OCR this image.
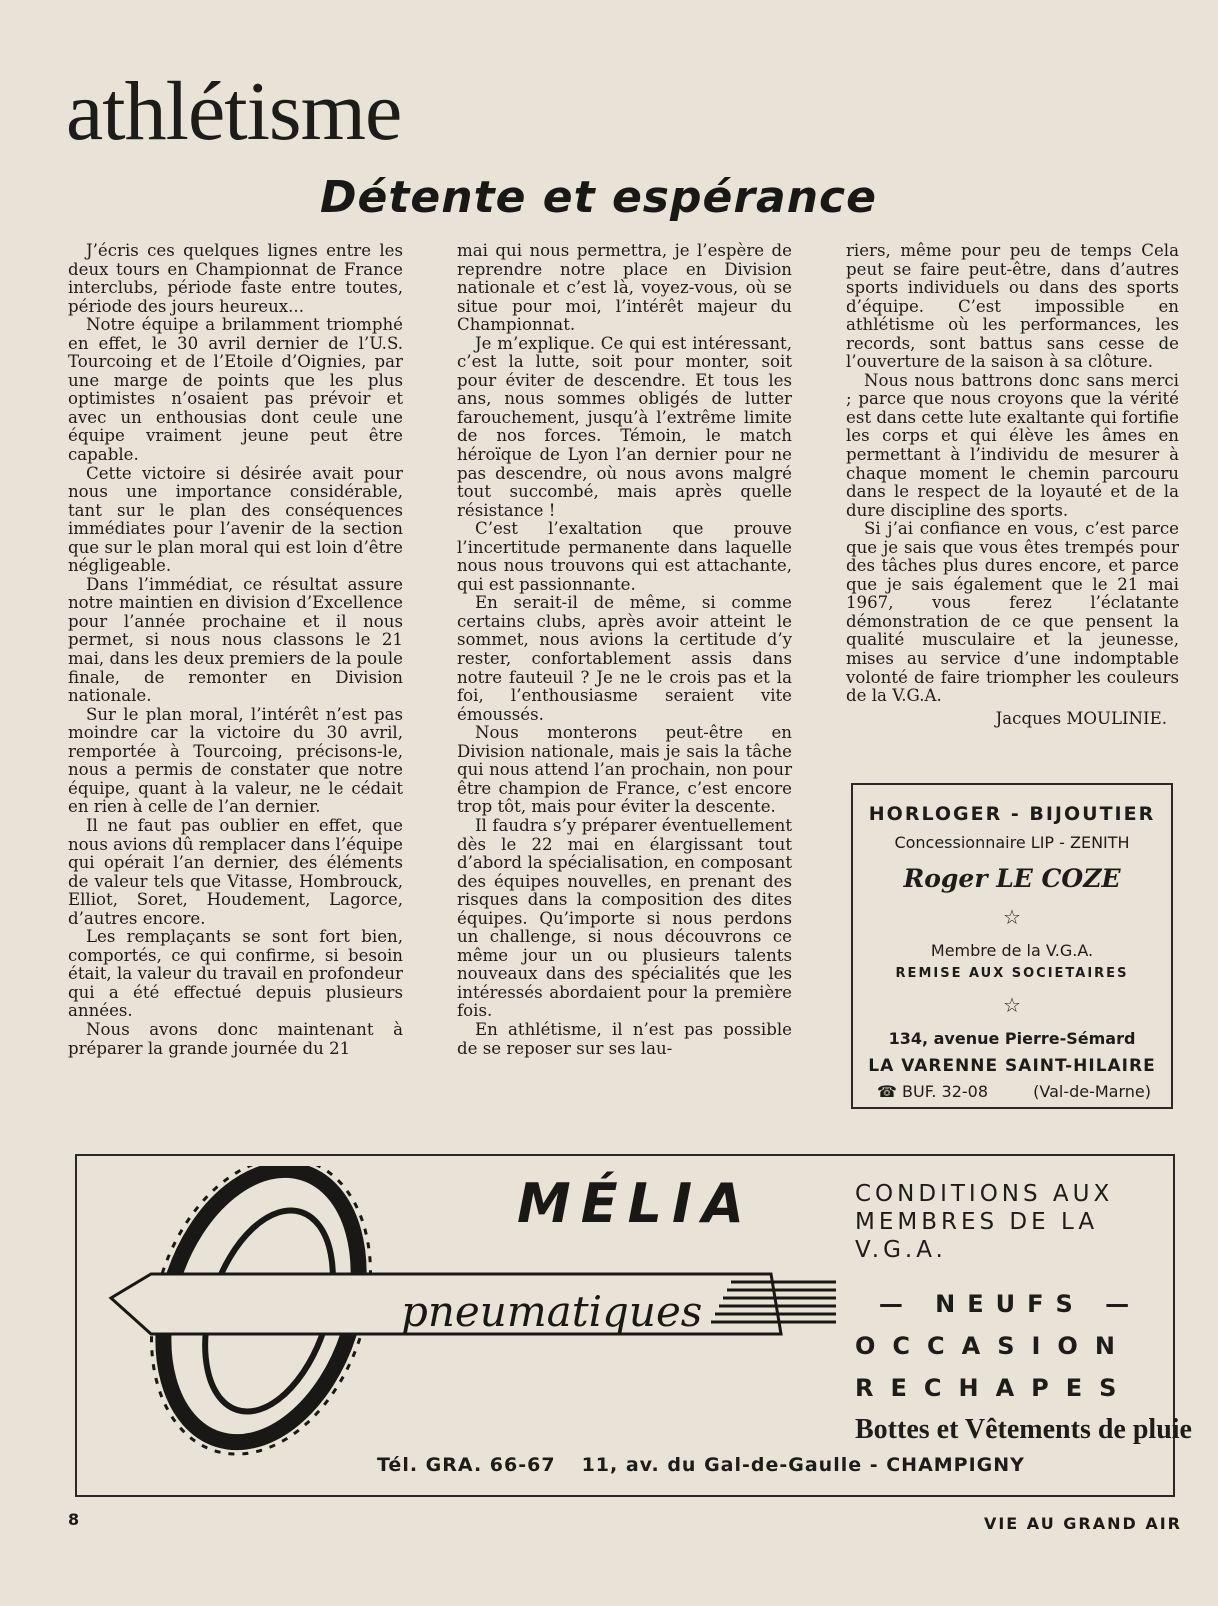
athlétisme
Détente et espérance

J’écris ces quelques lignes entre les deux tours en Championnat de France interclubs, période faste entre toutes, période des jours heureux...

Notre équipe a brilamment triomphé en effet, le 30 avril dernier de l’U.S. Tourcoing et de l’Etoile d’Oignies, par une marge de points que les plus optimistes n’osaient pas prévoir et avec un enthousias dont ceule une équipe vraiment jeune peut être capable.

Cette victoire si désirée avait pour nous une importance considérable, tant sur le plan des conséquences immédiates pour l’avenir de la section que sur le plan moral qui est loin d’être négligeable.

Dans l’immédiat, ce résultat assure notre maintien en division d’Excellence pour l’année prochaine et il nous permet, si nous nous classons le 21 mai, dans les deux premiers de la poule finale, de remonter en Division nationale.

Sur le plan moral, l’intérêt n’est pas moindre car la victoire du 30 avril, remportée à Tourcoing, précisons-le, nous a permis de constater que notre équipe, quant à la valeur, ne le cédait en rien à celle de l’an dernier.

Il ne faut pas oublier en effet, que nous avions dû remplacer dans l’équipe qui opérait l’an dernier, des éléments de valeur tels que Vitasse, Hombrouck, Elliot, Soret, Houdement, Lagorce, d’autres encore.

Les remplaçants se sont fort bien, comportés, ce qui confirme, si besoin était, la valeur du travail en profondeur qui a été effectué depuis plusieurs années.

Nous avons donc maintenant à préparer la grande journée du 21

mai qui nous permettra, je l’espère de reprendre notre place en Division nationale et c’est là, voyez-vous, où se situe pour moi, l’intérêt majeur du Championnat.

Je m’explique. Ce qui est intéressant, c’est la lutte, soit pour monter, soit pour éviter de descendre. Et tous les ans, nous sommes obligés de lutter farouchement, jusqu’à l’extrême limite de nos forces. Témoin, le match héroïque de Lyon l’an dernier pour ne pas descendre, où nous avons malgré tout succombé, mais après quelle résistance !

C’est l’exaltation que prouve l’incertitude permanente dans laquelle nous nous trouvons qui est attachante, qui est passionnante.

En serait-il de même, si comme certains clubs, après avoir atteint le sommet, nous avions la certitude d’y rester, confortablement assis dans notre fauteuil ? Je ne le crois pas et la foi, l’enthousiasme seraient vite émoussés.

Nous monterons peut-être en Division nationale, mais je sais la tâche qui nous attend l’an prochain, non pour être champion de France, c’est encore trop tôt, mais pour éviter la descente.

Il faudra s’y préparer éventuellement dès le 22 mai en élargissant tout d’abord la spécialisation, en composant des équipes nouvelles, en prenant des risques dans la composition des dites équipes. Qu’importe si nous perdons un challenge, si nous découvrons ce même jour un ou plusieurs talents nouveaux dans des spécialités que les intéressés abordaient pour la première fois.

En athlétisme, il n’est pas possible de se reposer sur ses lau-

riers, même pour peu de temps Cela peut se faire peut-être, dans d’autres sports individuels ou dans des sports d’équipe. C’est impossible en athlétisme où les performances, les records, sont battus sans cesse de l’ouverture de la saison à sa clôture.

Nous nous battrons donc sans merci ; parce que nous croyons que la vérité est dans cette lute exaltante qui fortifie les corps et qui élève les âmes en permettant à l’individu de mesurer à chaque moment le chemin parcouru dans le respect de la loyauté et de la dure discipline des sports.

Si j’ai confiance en vous, c’est parce que je sais que vous êtes trempés pour des tâches plus dures encore, et parce que je sais également que le 21 mai 1967, vous ferez l’éclatante démonstration de ce que pensent la qualité musculaire et la jeunesse, mises au service d’une indomptable volonté de faire triompher les couleurs de la V.G.A.

Jacques MOULINIE.

HORLOGER - BIJOUTIER
Concessionnaire LIP - ZENITH
Roger LE COZE
☆
Membre de la V.G.A.
REMISE AUX SOCIETAIRES
☆
134, avenue Pierre-Sémard
LA VARENNE SAINT-HILAIRE
☎ BUF. 32-08	(Val-de-Marne)
pneumatiques
MÉLIA	CONDITIONS AUX MEMBRES DE LA V.G.A.
— NEUFS —
OCCASION
RECHAPES
Bottes et Vêtements de pluie
Tél. GRA. 66-67 11, av. du Gal-de-Gaulle - CHAMPIGNY
8	VIE AU GRAND AIR
